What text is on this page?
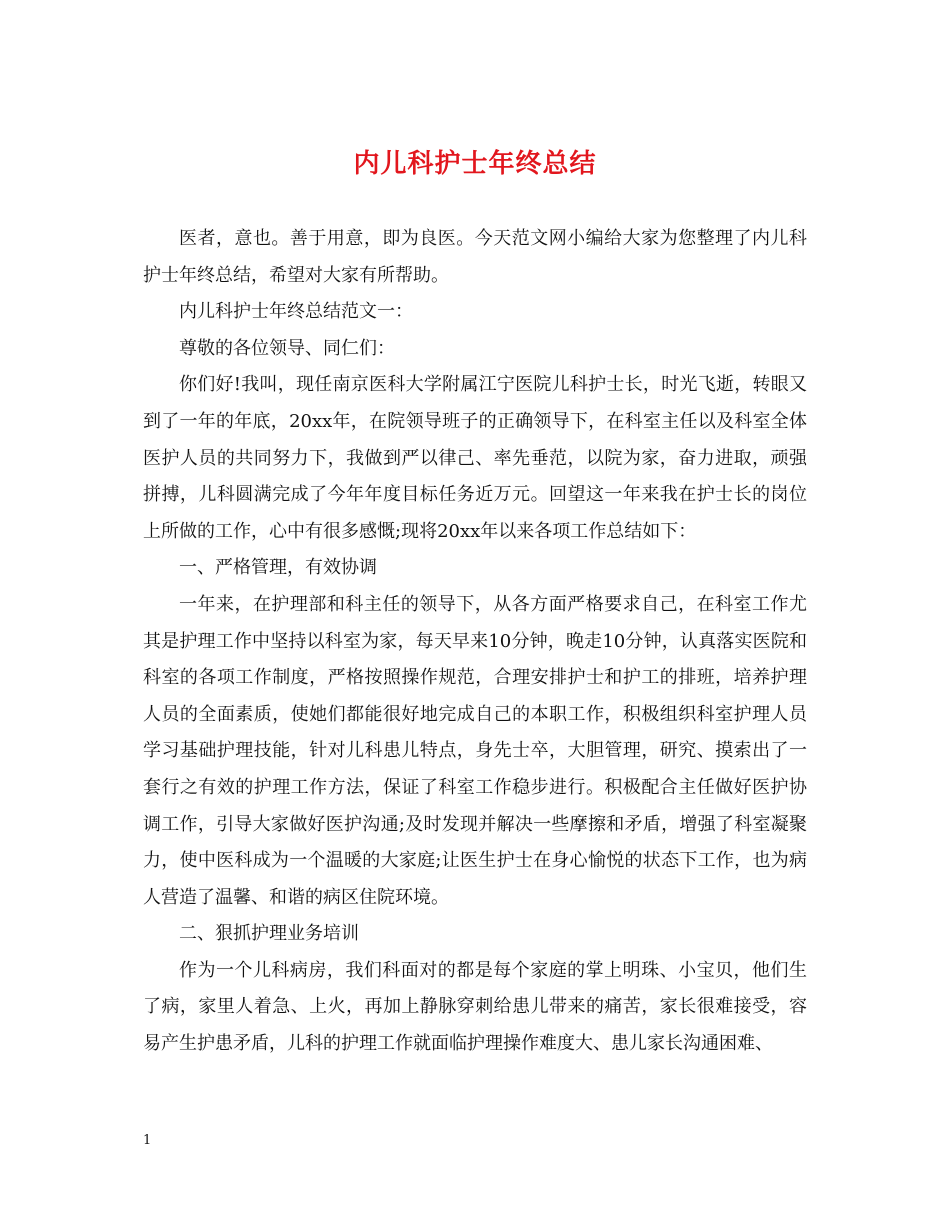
内儿科护士年终总结

医者，意也。善于用意，即为良医。今天范文网小编给大家为您整理了内儿科护士年终总结，希望对大家有所帮助。

内儿科护士年终总结范文一：

尊敬的各位领导、同仁们：

你们好!我叫，现任南京医科大学附属江宁医院儿科护士长，时光飞逝，转眼又到了一年的年底，20xx年，在院领导班子的正确领导下，在科室主任以及科室全体医护人员的共同努力下，我做到严以律己、率先垂范，以院为家，奋力进取，顽强拼搏，儿科圆满完成了今年年度目标任务近万元。回望这一年来我在护士长的岗位上所做的工作，心中有很多感慨;现将20xx年以来各项工作总结如下：

一、严格管理，有效协调

一年来，在护理部和科主任的领导下，从各方面严格要求自己，在科室工作尤其是护理工作中坚持以科室为家，每天早来10分钟，晚走10分钟，认真落实医院和科室的各项工作制度，严格按照操作规范，合理安排护士和护工的排班，培养护理人员的全面素质，使她们都能很好地完成自己的本职工作，积极组织科室护理人员学习基础护理技能，针对儿科患儿特点，身先士卒，大胆管理，研究、摸索出了一套行之有效的护理工作方法，保证了科室工作稳步进行。积极配合主任做好医护协调工作，引导大家做好医护沟通;及时发现并解决一些摩擦和矛盾，增强了科室凝聚力，使中医科成为一个温暖的大家庭;让医生护士在身心愉悦的状态下工作，也为病人营造了温馨、和谐的病区住院环境。

二、狠抓护理业务培训

作为一个儿科病房，我们科面对的都是每个家庭的掌上明珠、小宝贝，他们生了病，家里人着急、上火，再加上静脉穿刺给患儿带来的痛苦，家长很难接受，容易产生护患矛盾，儿科的护理工作就面临护理操作难度大、患儿家长沟通困难、

1
